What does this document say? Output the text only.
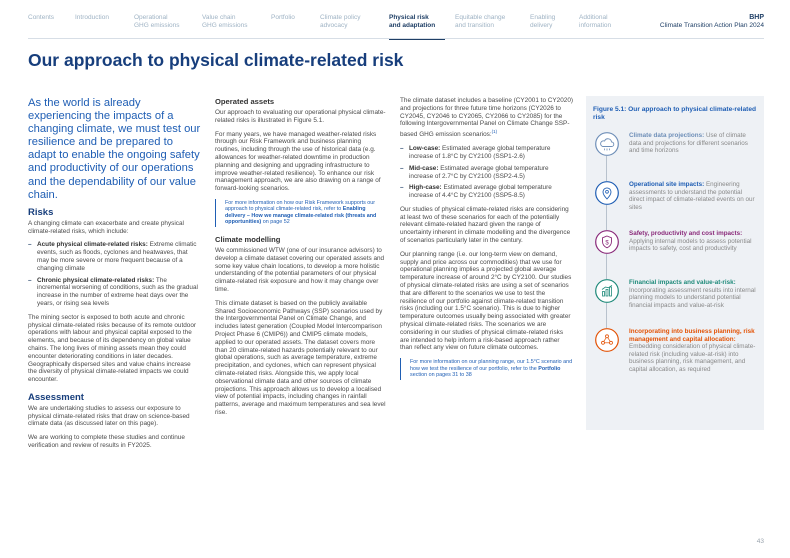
Contents	Introduction	Operational
GHG emissions
Value chain
GHG emissions
Portfolio	Climate policy
advocacy
Physical risk
and adaptation
Equitable change
and transition
Enabling
delivery
Additional
information
BHP
Climate Transition Action Plan 2024
Our approach to physical climate-related risk
As the world is already experiencing the impacts of a changing climate, we must test our resilience and be prepared to adapt to enable the ongoing safety and productivity of our operations and the dependability of our value chain.
Risks

A changing climate can exacerbate and create physical climate-related risks, which include:

– Acute physical climate-related risks: Extreme climatic events, such as floods, cyclones and heatwaves, that may be more severe or more frequent because of a changing climate
– Chronic physical climate-related risks: The incremental worsening of conditions, such as the gradual increase in the number of extreme heat days over the years, or rising sea levels

The mining sector is exposed to both acute and chronic physical climate-related risks because of its remote outdoor operations with labour and physical capital exposed to the elements, and because of its dependency on global value chains. The long lives of mining assets mean they could encounter deteriorating conditions in later decades. Geographically dispersed sites and value chains increase the diversity of physical climate-related impacts we could encounter.

Assessment

We are undertaking studies to assess our exposure to physical climate-related risks that draw on science-based climate data (as discussed later on this page).

We are working to complete these studies and continue verification and review of results in FY2025.

Operated assets

Our approach to evaluating our operational physical climate-related risks is illustrated in Figure 5.1.

For many years, we have managed weather-related risks through our Risk Framework and business planning routines, including through the use of historical data (e.g. allowances for weather-related downtime in production planning and designing and upgrading infrastructure to improve weather-related resilience). To enhance our risk management approach, we are also drawing on a range of forward-looking scenarios.

For more information on how our Risk Framework supports our approach to physical climate-related risk, refer to Enabling delivery – How we manage climate-related risk (threats and opportunities) on page 52

Climate modelling

We commissioned WTW (one of our insurance advisors) to develop a climate dataset covering our operated assets and some key value chain locations, to develop a more holistic understanding of the potential parameters of our physical climate-related risk exposure and how it may change over time.

This climate dataset is based on the publicly available Shared Socioeconomic Pathways (SSP) scenarios used by the Intergovernmental Panel on Climate Change, and includes latest generation (Coupled Model Intercomparison Project Phase 6 (CMIP6)) and CMIP5 climate models, applied to our operated assets. The dataset covers more than 20 climate-related hazards potentially relevant to our global operations, such as average temperature, extreme precipitation, and cyclones, which can represent physical climate-related risks. Alongside this, we apply local observational climate data and other sources of climate projections. This approach allows us to develop a localised view of potential impacts, including changes in rainfall patterns, average and maximum temperatures and sea level rise.

The climate dataset includes a baseline (CY2001 to CY2020) and projections for three future time horizons (CY2026 to CY2045, CY2046 to CY2065, CY2066 to CY2085) for the following Intergovernmental Panel on Climate Change SSP-based GHG emission scenarios:$^{(1)}$

– Low-case: Estimated average global temperature increase of 1.8°C by CY2100 (SSP1-2.6)
– Mid-case: Estimated average global temperature increase of 2.7°C by CY2100 (SSP2-4.5)
– High-case: Estimated average global temperature increase of 4.4°C by CY2100 (SSP5-8.5)

Our studies of physical climate-related risks are considering at least two of these scenarios for each of the potentially relevant climate-related hazard given the range of uncertainty inherent in climate modelling and the divergence of scenarios particularly later in the century.

Our planning range (i.e. our long-term view on demand, supply and price across our commodities) that we use for operational planning implies a projected global average temperature increase of around 2°C by CY2100. Our studies of physical climate-related risks are using a set of scenarios that are different to the scenarios we use to test the resilience of our portfolio against climate-related transition risks (including our 1.5°C scenario). This is due to higher temperature outcomes usually being associated with greater physical climate-related risks. The scenarios we are considering in our studies of physical climate-related risks are intended to help inform a risk-based approach rather than reflect any view on future climate outcomes.

For more information on our planning range, our 1.5°C scenario and how we test the resilience of our portfolio, refer to the Portfolio section on pages 31 to 38

Figure 5.1: Our approach to physical climate-related risk
Climate data projections: Use of climate data and projections for different scenarios and time horizons
Operational site impacts: Engineering assessments to understand the potential direct impact of climate-related events on our sites
$
Safety, productivity and cost impacts: Applying internal models to assess potential impacts to safety, cost and productivity
Financial impacts and value-at-risk: Incorporating assessment results into internal planning models to understand potential financial impacts and value-at-risk
Incorporating into business planning, risk management and capital allocation: Embedding consideration of physical climate-related risk (including value-at-risk) into business planning, risk management, and capital allocation, as required
43
